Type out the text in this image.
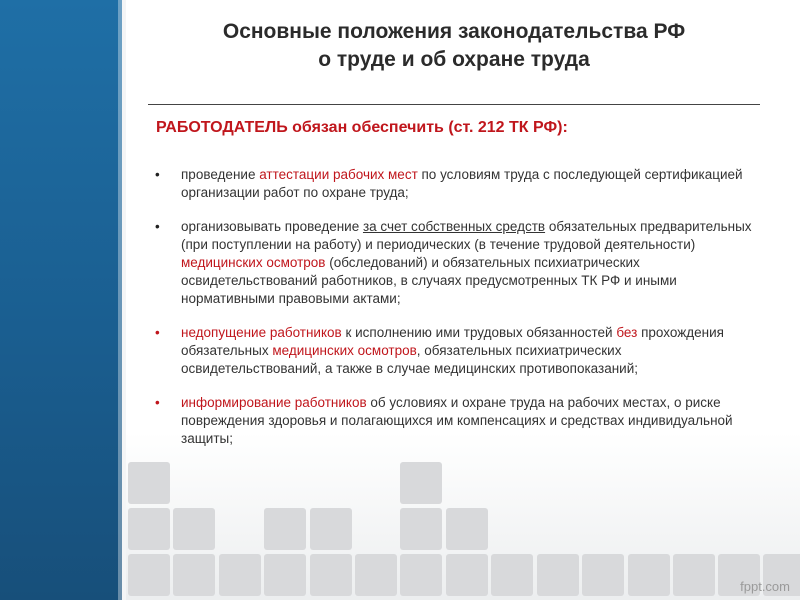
Основные положения законодательства РФ
о труде и об охране труда
РАБОТОДАТЕЛЬ обязан обеспечить (ст. 212 ТК РФ):
• проведение аттестации рабочих мест по условиям труда с последующей сертификацией организации работ по охране труда;
• организовывать проведение за счет собственных средств обязательных предварительных (при поступлении на работу) и периодических (в течение трудовой деятельности) медицинских осмотров (обследований) и обязательных психиатрических освидетельствований работников, в случаях предусмотренных ТК РФ и иными нормативными правовыми актами;
• недопущение работников к исполнению ими трудовых обязанностей без прохождения обязательных медицинских осмотров, обязательных психиатрических освидетельствований, а также в случае медицинских противопоказаний;
• информирование работников об условиях и охране труда на рабочих местах, о риске повреждения здоровья и полагающихся им компенсациях и средствах индивидуальной защиты;
fppt.com
